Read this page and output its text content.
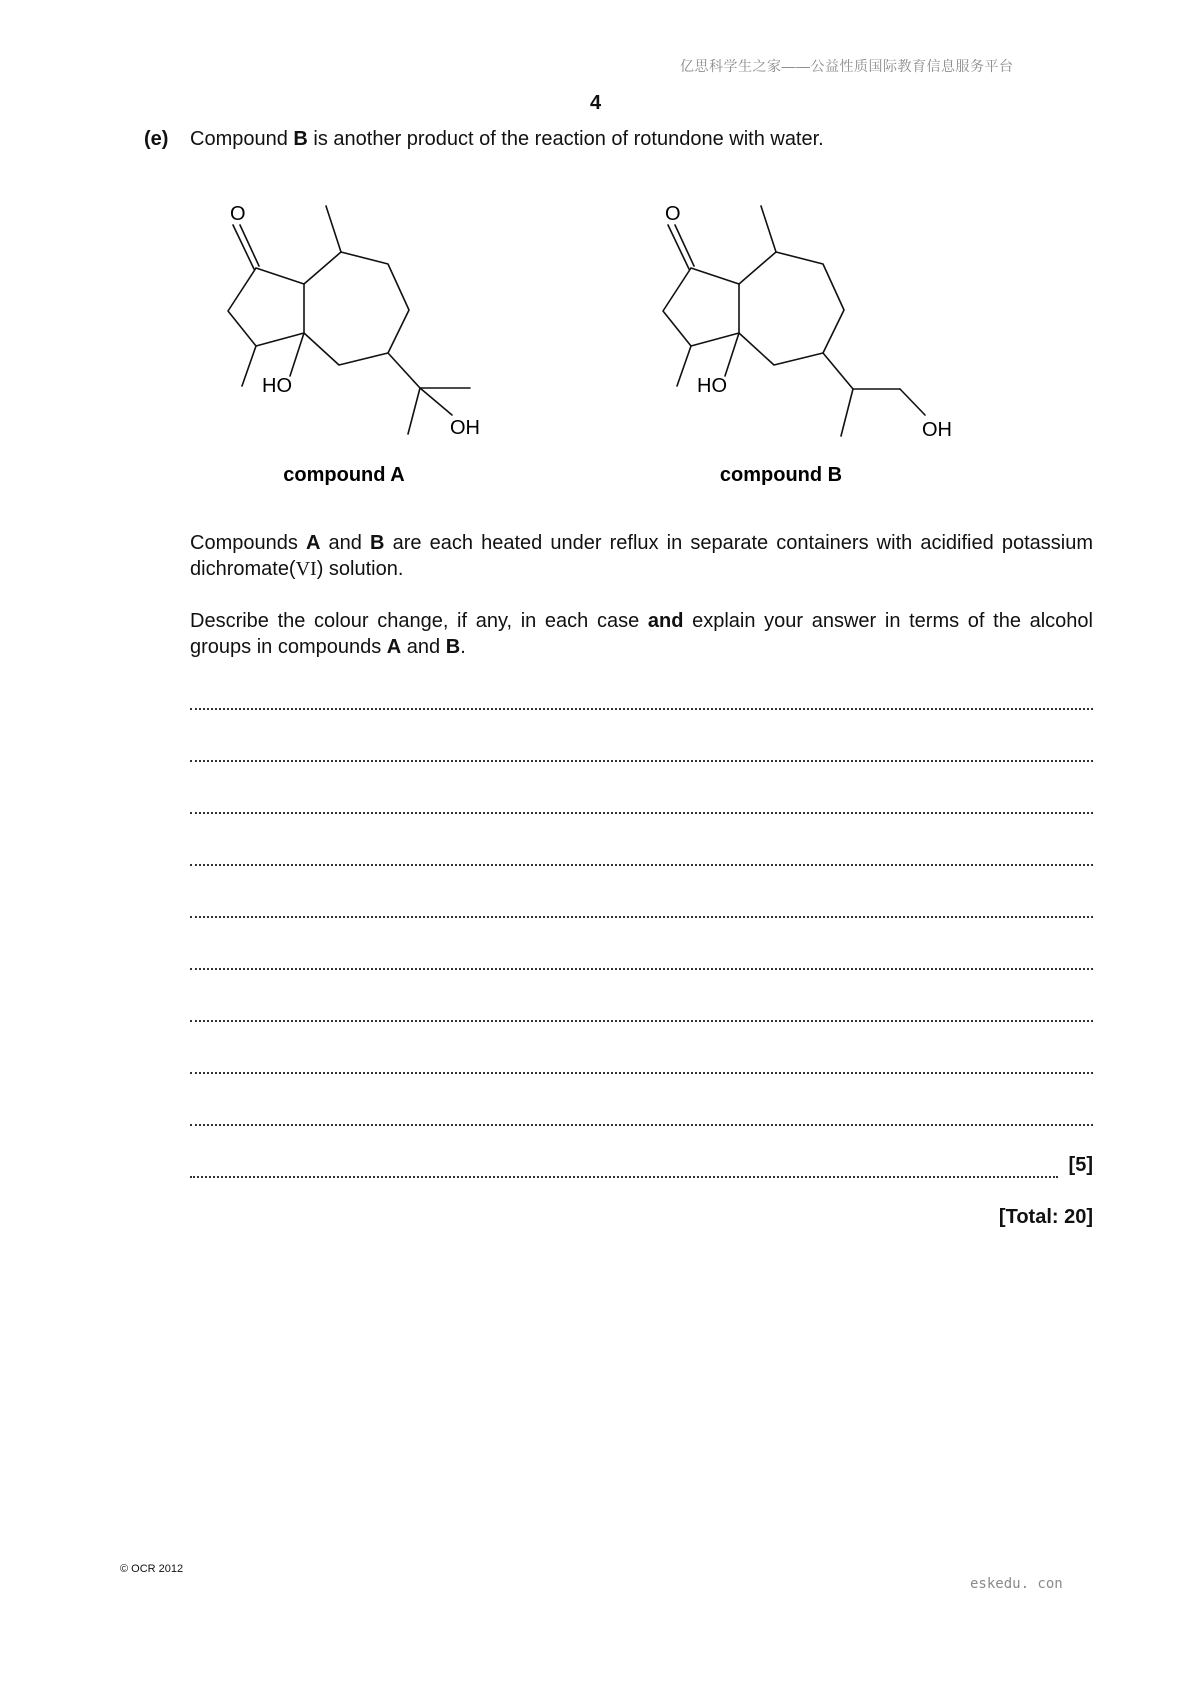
亿思科学生之家——公益性质国际教育信息服务平台
4
(e) Compound B is another product of the reaction of rotundone with water.
O
HO
OH
compound A
O
HO
OH
compound B
Compounds A and B are each heated under reflux in separate containers with acidified potassium dichromate(VI) solution.
Describe the colour change, if any, in each case and explain your answer in terms of the alcohol groups in compounds A and B.
[5]
[Total: 20]
© OCR 2012
eskedu. con
